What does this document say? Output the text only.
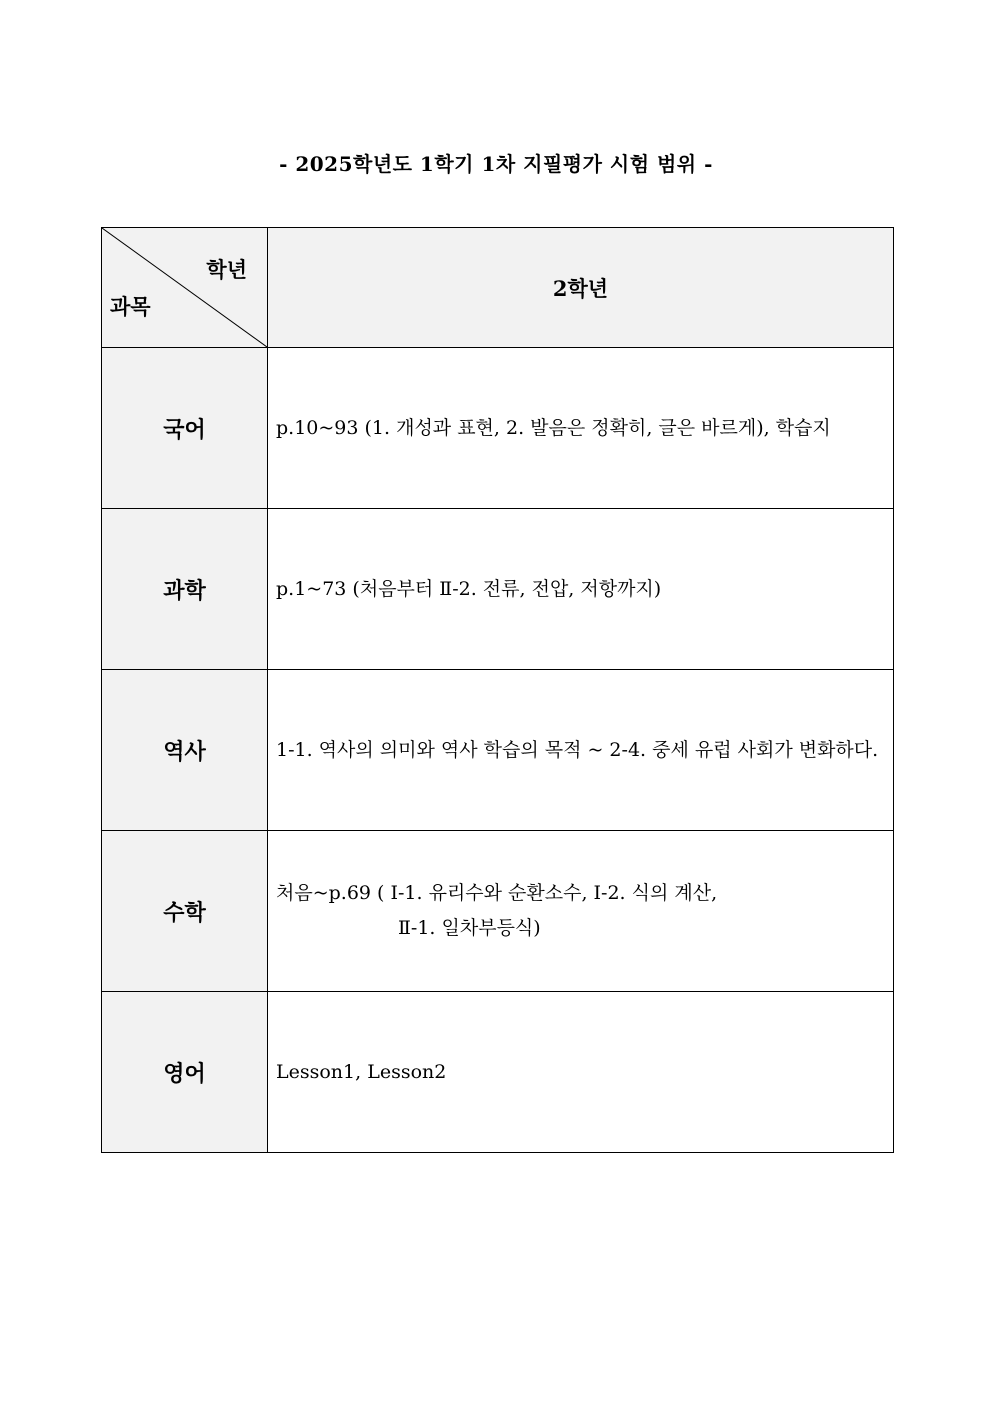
- 2025학년도 1학기 1차 지필평가 시험 범위 -
학년
과목	2학년
국어	p.10~93 (1. 개성과 표현, 2. 발음은 정확히, 글은 바르게), 학습지
과학	p.1~73 (처음부터 Ⅱ-2. 전류, 전압, 저항까지)
역사	1-1. 역사의 의미와 역사 학습의 목적 ~ 2-4. 중세 유럽 사회가 변화하다.
수학	처음~p.69 ( Ⅰ-1. 유리수와 순환소수, Ⅰ-2. 식의 계산,
Ⅱ-1. 일차부등식)

영어	Lesson1, Lesson2
